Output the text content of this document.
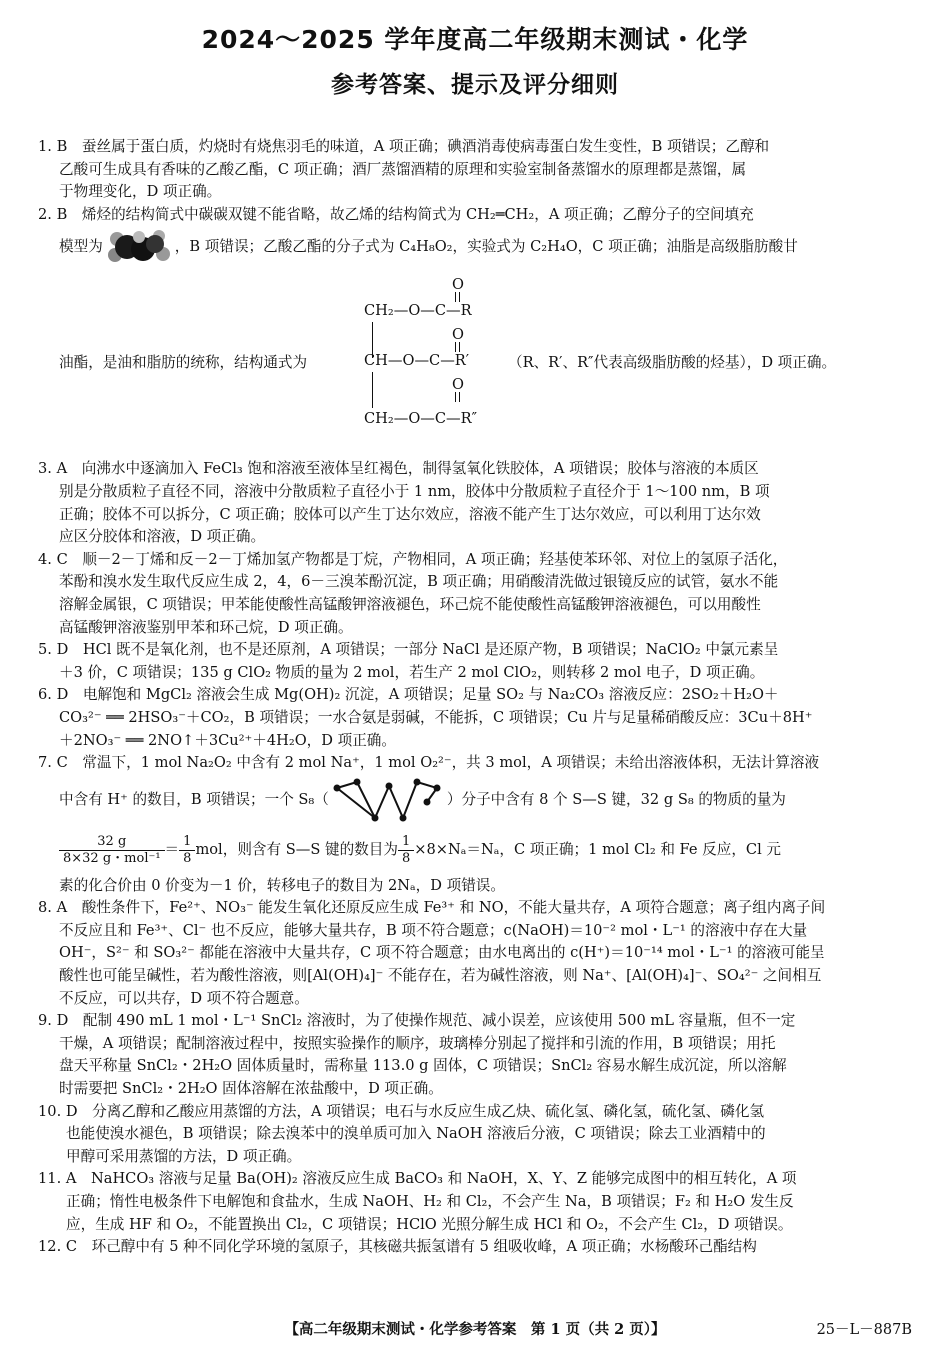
2024～2025 学年度高二年级期末测试・化学
参考答案、提示及评分细则
1. B　蚕丝属于蛋白质，灼烧时有烧焦羽毛的味道，A 项正确；碘酒消毒使病毒蛋白发生变性，B 项错误；乙醇和
乙酸可生成具有香味的乙酸乙酯，C 项正确；酒厂蒸馏酒精的原理和实验室制备蒸馏水的原理都是蒸馏，属
于物理变化，D 项正确。
2. B　烯烃的结构简式中碳碳双键不能省略，故乙烯的结构简式为 CH₂═CH₂，A 项正确；乙醇分子的空间填充
模型为	，B 项错误；乙酸乙酯的分子式为 C₄H₈O₂，实验式为 C₂H₄O，C 项正确；油脂是高级脂肪酸甘
油酯，是油和脂肪的统称，结构通式为
O
CH₂—O—C—R
O
CH—O—C—R′
O
CH₂—O—C—R″
（R、R′、R″代表高级脂肪酸的烃基），D 项正确。
3. A　向沸水中逐滴加入 FeCl₃ 饱和溶液至液体呈红褐色，制得氢氧化铁胶体，A 项错误；胶体与溶液的本质区
别是分散质粒子直径不同，溶液中分散质粒子直径小于 1 nm，胶体中分散质粒子直径介于 1～100 nm，B 项
正确；胶体不可以拆分，C 项正确；胶体可以产生丁达尔效应，溶液不能产生丁达尔效应，可以利用丁达尔效
应区分胶体和溶液，D 项正确。
4. C　顺－2－丁烯和反－2－丁烯加氢产物都是丁烷，产物相同，A 项正确；羟基使苯环邻、对位上的氢原子活化，
苯酚和溴水发生取代反应生成 2，4，6－三溴苯酚沉淀，B 项正确；用硝酸清洗做过银镜反应的试管，氨水不能
溶解金属银，C 项错误；甲苯能使酸性高锰酸钾溶液褪色，环己烷不能使酸性高锰酸钾溶液褪色，可以用酸性
高锰酸钾溶液鉴别甲苯和环己烷，D 项正确。
5. D　HCl 既不是氧化剂，也不是还原剂，A 项错误；一部分 NaCl 是还原产物，B 项错误；NaClO₂ 中氯元素呈
＋3 价，C 项错误；135 g ClO₂ 物质的量为 2 mol，若生产 2 mol ClO₂，则转移 2 mol 电子，D 项正确。
6. D　电解饱和 MgCl₂ 溶液会生成 Mg(OH)₂ 沉淀，A 项错误；足量 SO₂ 与 Na₂CO₃ 溶液反应：2SO₂＋H₂O＋
CO₃²⁻ ══ 2HSO₃⁻＋CO₂，B 项错误；一水合氨是弱碱，不能拆，C 项错误；Cu 片与足量稀硝酸反应：3Cu＋8H⁺
＋2NO₃⁻ ══ 2NO↑＋3Cu²⁺＋4H₂O，D 项正确。
7. C　常温下，1 mol Na₂O₂ 中含有 2 mol Na⁺，1 mol O₂²⁻，共 3 mol，A 项错误；未给出溶液体积，无法计算溶液
中含有 H⁺ 的数目，B 项错误；一个 S₈（	）分子中含有 8 个 S—S 键，32 g S₈ 的物质的量为
$\frac{32 g}{\text{8×32 g・mol⁻¹}} = \frac{1}{8}$ mol，则含有 S—S 键的数目为 $\frac{1}{8} \times 8\times N_a=N_a$，C 项正确；1 mol Cl₂ 和 Fe 反应，Cl 元
素的化合价由 0 价变为－1 价，转移电子的数目为 2Nₐ，D 项错误。
8. A　酸性条件下，Fe²⁺、NO₃⁻ 能发生氧化还原反应生成 Fe³⁺ 和 NO，不能大量共存，A 项符合题意；离子组内离子间
不反应且和 Fe³⁺、Cl⁻ 也不反应，能够大量共存，B 项不符合题意；c(NaOH)＝10⁻² mol・L⁻¹ 的溶液中存在大量
OH⁻，S²⁻ 和 SO₃²⁻ 都能在溶液中大量共存，C 项不符合题意；由水电离出的 c(H⁺)＝10⁻¹⁴ mol・L⁻¹ 的溶液可能呈
酸性也可能呈碱性，若为酸性溶液，则[Al(OH)₄]⁻ 不能存在，若为碱性溶液，则 Na⁺、[Al(OH)₄]⁻、SO₄²⁻ 之间相互
不反应，可以共存，D 项不符合题意。
9. D　配制 490 mL 1 mol・L⁻¹ SnCl₂ 溶液时，为了使操作规范、减小误差，应该使用 500 mL 容量瓶，但不一定
干燥，A 项错误；配制溶液过程中，按照实验操作的顺序，玻璃棒分别起了搅拌和引流的作用，B 项错误；用托
盘天平称量 SnCl₂・2H₂O 固体质量时，需称量 113.0 g 固体，C 项错误；SnCl₂ 容易水解生成沉淀，所以溶解
时需要把 SnCl₂・2H₂O 固体溶解在浓盐酸中，D 项正确。
10. D　分离乙醇和乙酸应用蒸馏的方法，A 项错误；电石与水反应生成乙炔、硫化氢、磷化氢，硫化氢、磷化氢
也能使溴水褪色，B 项错误；除去溴苯中的溴单质可加入 NaOH 溶液后分液，C 项错误；除去工业酒精中的
甲醇可采用蒸馏的方法，D 项正确。
11. A　NaHCO₃ 溶液与足量 Ba(OH)₂ 溶液反应生成 BaCO₃ 和 NaOH，X、Y、Z 能够完成图中的相互转化，A 项
正确；惰性电极条件下电解饱和食盐水，生成 NaOH、H₂ 和 Cl₂，不会产生 Na，B 项错误；F₂ 和 H₂O 发生反
应，生成 HF 和 O₂，不能置换出 Cl₂，C 项错误；HClO 光照分解生成 HCl 和 O₂，不会产生 Cl₂，D 项错误。
12. C　环己醇中有 5 种不同化学环境的氢原子，其核磁共振氢谱有 5 组吸收峰，A 项正确；水杨酸环己酯结构
【高二年级期末测试・化学参考答案　第 1 页（共 2 页）】	25－L－887B
